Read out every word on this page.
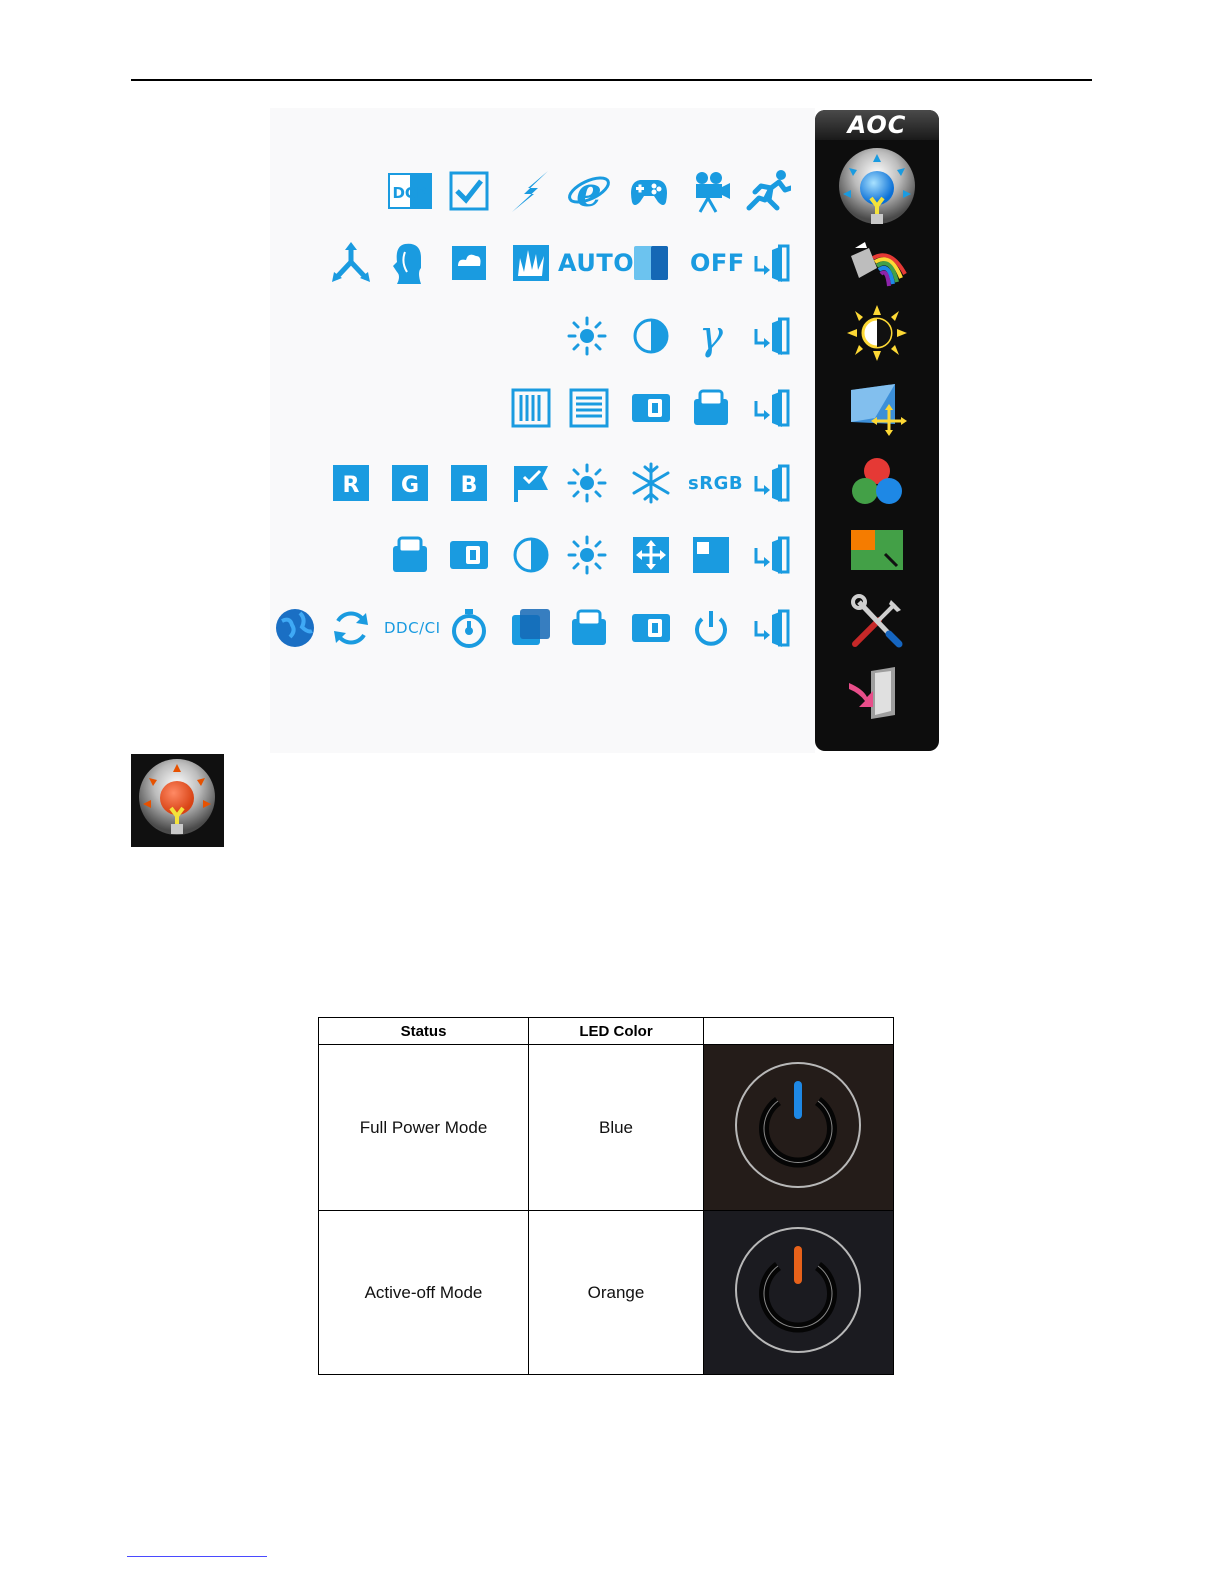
DCR	e
AUTO OFF
γ
R G B	sRGB
DDC/CI
AOC
Status	LED Color	
Full Power Mode	Blue	
Active-off Mode	Orange	
